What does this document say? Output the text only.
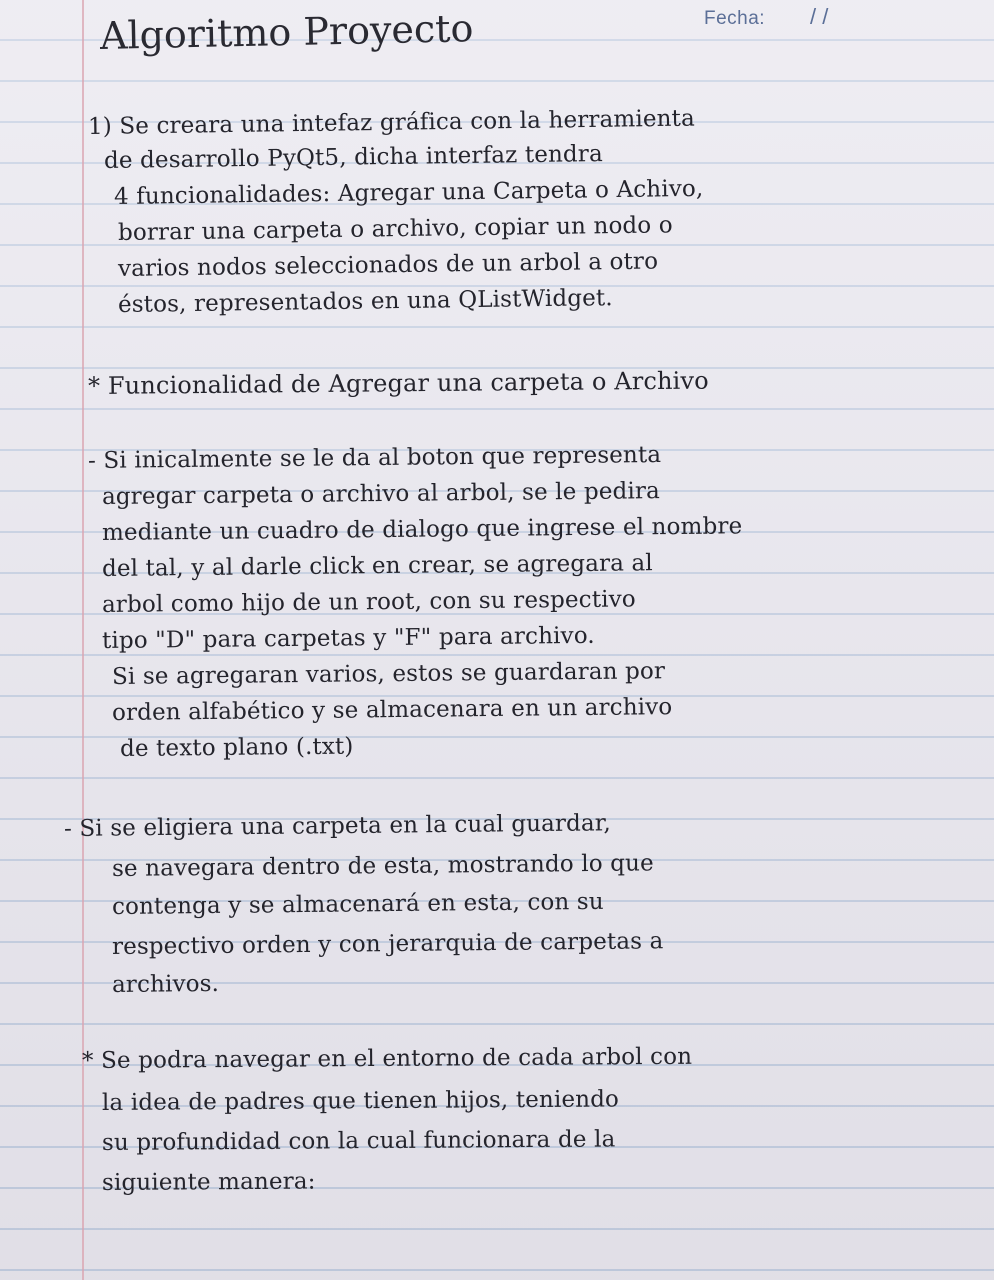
Fecha: / /
Algoritmo Proyecto
1) Se creara una intefaz gráfica con la herramienta
de desarrollo PyQt5, dicha interfaz tendra
4 funcionalidades: Agregar una Carpeta o Achivo,
borrar una carpeta o archivo, copiar un nodo o
varios nodos seleccionados de un arbol a otro
éstos, representados en una QListWidget.
* Funcionalidad de Agregar una carpeta o Archivo
- Si inicalmente se le da al boton que representa
agregar carpeta o archivo al arbol, se le pedira
mediante un cuadro de dialogo que ingrese el nombre
del tal, y al darle click en crear, se agregara al
arbol como hijo de un root, con su respectivo
tipo "D" para carpetas y "F" para archivo.
Si se agregaran varios, estos se guardaran por
orden alfabético y se almacenara en un archivo
de texto plano (.txt)
- Si se eligiera una carpeta en la cual guardar,
se navegara dentro de esta, mostrando lo que
contenga y se almacenará en esta, con su
respectivo orden y con jerarquia de carpetas a
archivos.
* Se podra navegar en el entorno de cada arbol con
la idea de padres que tienen hijos, teniendo
su profundidad con la cual funcionara de la
siguiente manera:
